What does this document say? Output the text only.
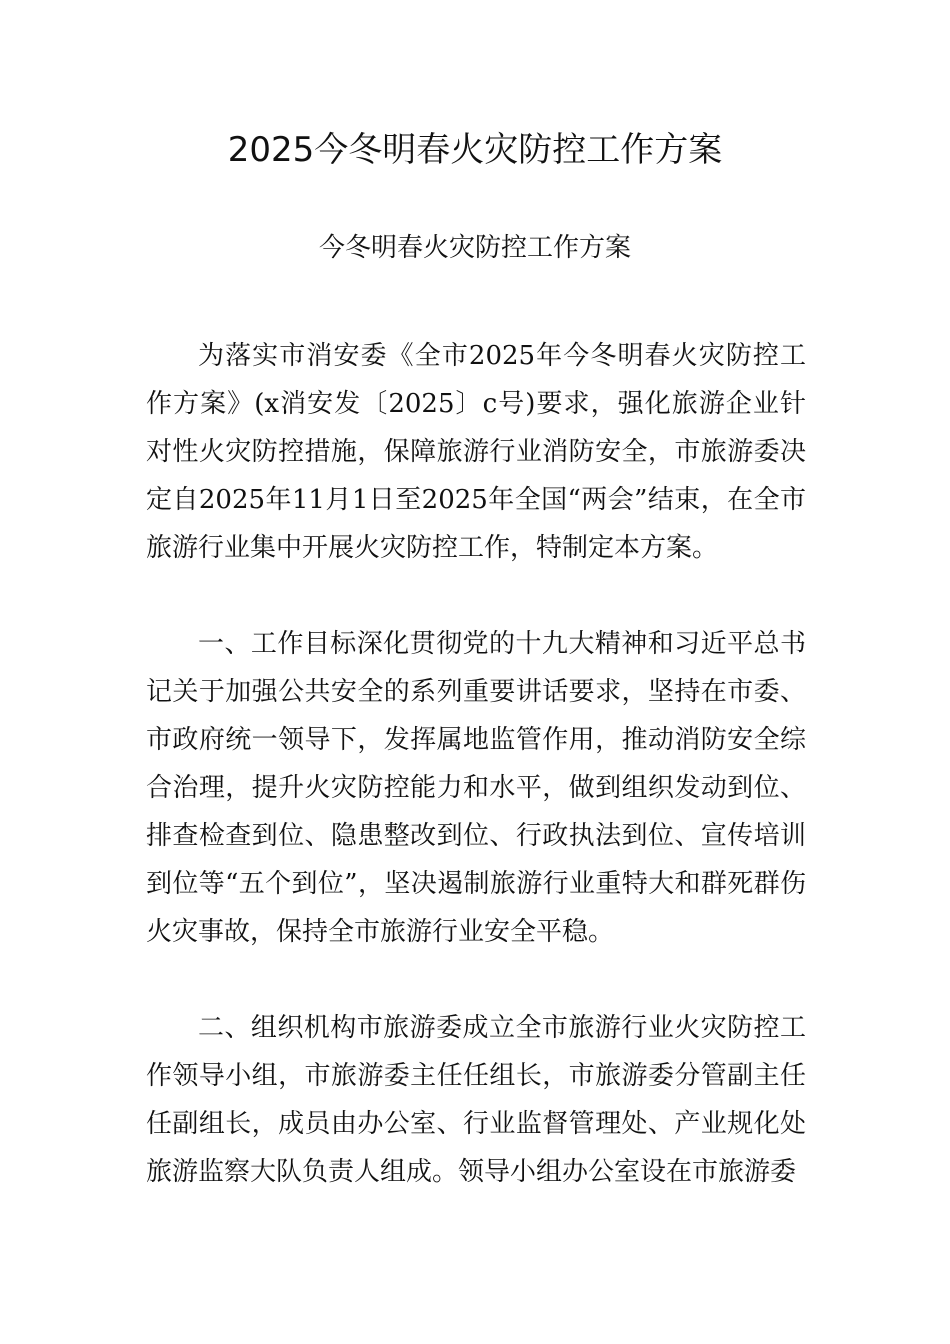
2025今冬明春火灾防控工作方案
今冬明春火灾防控工作方案

为落实市消安委《全市2025年今冬明春火灾防控工作方案》(x消安发〔2025〕c号)要求，强化旅游企业针对性火灾防控措施，保障旅游行业消防安全，市旅游委决定自2025年11月1日至2025年全国“两会”结束，在全市旅游行业集中开展火灾防控工作，特制定本方案。

一、工作目标深化贯彻党的十九大精神和习近平总书记关于加强公共安全的系列重要讲话要求，坚持在市委、市政府统一领导下，发挥属地监管作用，推动消防安全综合治理，提升火灾防控能力和水平，做到组织发动到位、排查检查到位、隐患整改到位、行政执法到位、宣传培训到位等“五个到位”，坚决遏制旅游行业重特大和群死群伤火灾事故，保持全市旅游行业安全平稳。

二、组织机构市旅游委成立全市旅游行业火灾防控工作领导小组，市旅游委主任任组长，市旅游委分管副主任任副组长，成员由办公室、行业监督管理处、产业规化处旅游监察大队负责人组成。领导小组办公室设在市旅游委
